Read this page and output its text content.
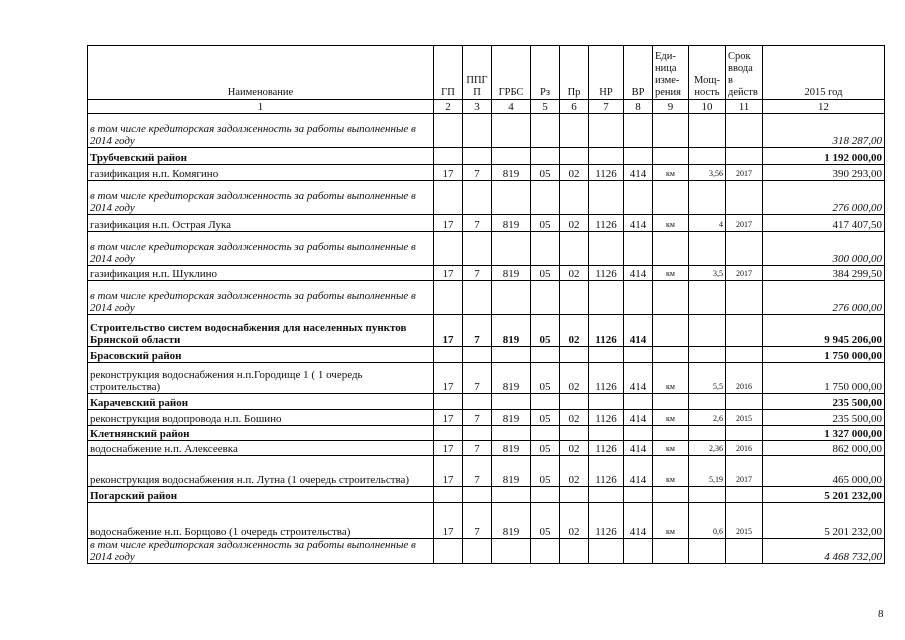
Наименование	ГП	ППГ П	ГРБС	Рз	Пр	НР	ВР	Еди- ница изме- рения	Мощ- ность	Срок ввода в действ	2015 год
1	2	3	4	5	6	7	8	9	10	11	12
в том числе кредиторская задолженность за работы выполненные в 2014 году											318 287,00
Трубчевский район											1 192 000,00
газификация н.п. Комягино	17	7	819	05	02	1126	414	км	3,56	2017	390 293,00
в том числе кредиторская задолженность за работы выполненные в 2014 году											276 000,00
газификация н.п. Острая Лука	17	7	819	05	02	1126	414	км	4	2017	417 407,50
в том числе кредиторская задолженность за работы выполненные в 2014 году											300 000,00
газификация н.п. Шуклино	17	7	819	05	02	1126	414	км	3,5	2017	384 299,50
в том числе кредиторская задолженность за работы выполненные в 2014 году											276 000,00
Строительство систем водоснабжения для населенных пунктов Брянской области	17	7	819	05	02	1126	414				9 945 206,00
Брасовский район											1 750 000,00
реконструкция водоснабжения н.п.Городище 1 ( 1 очередь строительства)	17	7	819	05	02	1126	414	км	5,5	2016	1 750 000,00
Карачевский район											235 500,00
реконструкция водопровода н.п. Бошино	17	7	819	05	02	1126	414	км	2,6	2015	235 500,00
Клетнянский район											1 327 000,00
водоснабжение н.п. Алексеевка	17	7	819	05	02	1126	414	км	2,36	2016	862 000,00
реконструкция водоснабжения н.п. Лутна (1 очередь строительства)	17	7	819	05	02	1126	414	км	5,19	2017	465 000,00
Погарский район											5 201 232,00
водоснабжение н.п. Борщово (1 очередь строительства)	17	7	819	05	02	1126	414	км	0,6	2015	5 201 232,00
в том числе кредиторская задолженность за работы выполненные в 2014 году											4 468 732,00
8
